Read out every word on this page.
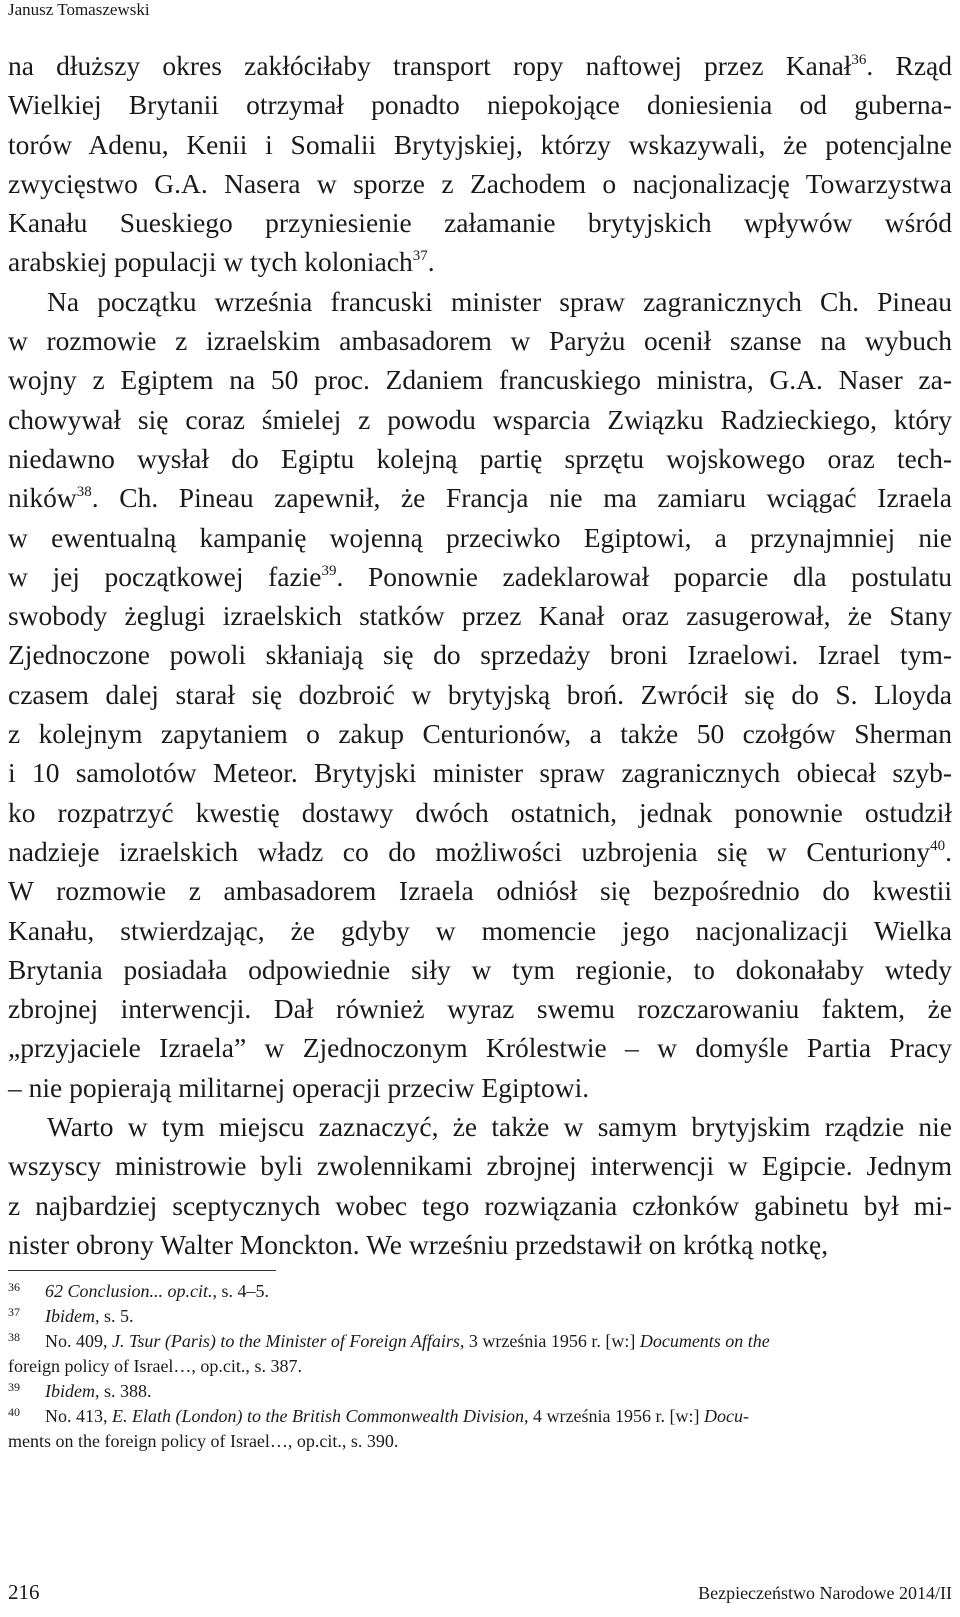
Janusz Tomaszewski
na dłuższy okres zakłóciłaby transport ropy naftowej przez Kanał$^{36}$. Rząd
Wielkiej Brytanii otrzymał ponadto niepokojące doniesienia od guberna-
torów Adenu, Kenii i Somalii Brytyjskiej, którzy wskazywali, że potencjalne
zwycięstwo G.A. Nasera w sporze z Zachodem o nacjonalizację Towarzystwa
Kanału Sueskiego przyniesienie załamanie brytyjskich wpływów wśród
arabskiej populacji w tych koloniach$^{37}$.
Na początku września francuski minister spraw zagranicznych Ch. Pineau
w rozmowie z izraelskim ambasadorem w Paryżu ocenił szanse na wybuch
wojny z Egiptem na 50 proc. Zdaniem francuskiego ministra, G.A. Naser za-
chowywał się coraz śmielej z powodu wsparcia Związku Radzieckiego, który
niedawno wysłał do Egiptu kolejną partię sprzętu wojskowego oraz tech-
ników$^{38}$. Ch. Pineau zapewnił, że Francja nie ma zamiaru wciągać Izraela
w ewentualną kampanię wojenną przeciwko Egiptowi, a przynajmniej nie
w jej początkowej fazie$^{39}$. Ponownie zadeklarował poparcie dla postulatu
swobody żeglugi izraelskich statków przez Kanał oraz zasugerował, że Stany
Zjednoczone powoli skłaniają się do sprzedaży broni Izraelowi. Izrael tym-
czasem dalej starał się dozbroić w brytyjską broń. Zwrócił się do S. Lloyda
z kolejnym zapytaniem o zakup Centurionów, a także 50 czołgów Sherman
i 10 samolotów Meteor. Brytyjski minister spraw zagranicznych obiecał szyb-
ko rozpatrzyć kwestię dostawy dwóch ostatnich, jednak ponownie ostudził
nadzieje izraelskich władz co do możliwości uzbrojenia się w Centuriony$^{40}$.
W rozmowie z ambasadorem Izraela odniósł się bezpośrednio do kwestii
Kanału, stwierdzając, że gdyby w momencie jego nacjonalizacji Wielka
Brytania posiadała odpowiednie siły w tym regionie, to dokonałaby wtedy
zbrojnej interwencji. Dał również wyraz swemu rozczarowaniu faktem, że
„przyjaciele Izraela” w Zjednoczonym Królestwie – w domyśle Partia Pracy
– nie popierają militarnej operacji przeciw Egiptowi.
Warto w tym miejscu zaznaczyć, że także w samym brytyjskim rządzie nie
wszyscy ministrowie byli zwolennikami zbrojnej interwencji w Egipcie. Jednym
z najbardziej sceptycznych wobec tego rozwiązania członków gabinetu był mi-
nister obrony Walter Monckton. We wrześniu przedstawił on krótką notkę,
36 62 Conclusion... op.cit., s. 4–5.
37 Ibidem, s. 5.
38 No. 409, J. Tsur (Paris) to the Minister of Foreign Affairs, 3 września 1956 r. [w:] Documents on the
foreign policy of Israel…, op.cit., s. 387.
39 Ibidem, s. 388.
40 No. 413, E. Elath (London) to the British Commonwealth Division, 4 września 1956 r. [w:] Docu-
ments on the foreign policy of Israel…, op.cit., s. 390.
216	Bezpieczeństwo Narodowe 2014/II
